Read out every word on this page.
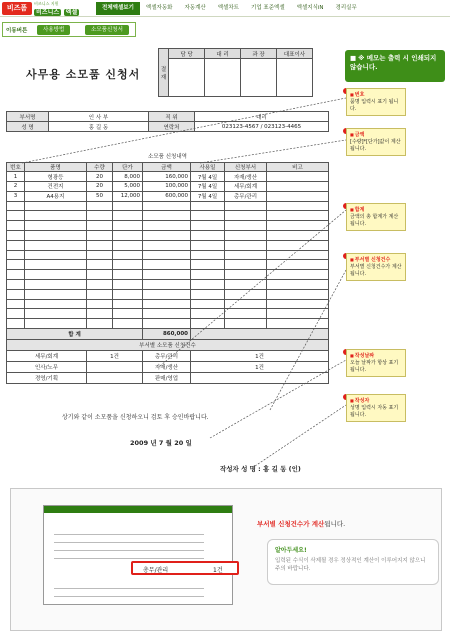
비즈폼
비즈니스 지원
비즈니스 엑셀
전체엑셀보기	엑셀자동화	자동계산	엑셀차트	기업 표준엑셀	엑셀지식iN	경리실무
이동버튼	사용방법	소모품신청서
사무용 소모품 신청서	결재	담 당	대 리	과 장	대표이사

부서명	인 사 부	직 위	대리
성 명	홍 길 동	연락처	023123-4567 / 023123-4465
소모품 신청내역							
번호	품명	수량	단가	금액	사용일	신청부서	비고
1	형광등	20	8,000	160,000	7월 4일	자재/생산	
2	건전지	20	5,000	100,000	7월 4일	세무/회계	
3	A4용지	50	12,000	600,000	7월 4일	총무/관리	

합 계				860,000			
부서별 소모품 신청건수							
세무/회계		1건		총무/관리	1건		
인사/노무				자재/생산	1건		
경영/기획				판매/영업			
상기와 같이 소모품을 신청하오니 검토 후 승인바랍니다.
2009 년 7 월 20 일
작성자 성 명 : 홍 길 동 (인)
■ ※ 메모는 출력 시 인쇄되지 않습니다.
■ 번호
품명 입력시 표기 됩니다.
■ 금액
[수량]*[단가]값이 계산됩니다.
■ 합계
금액의 총 합계가 계산됩니다.
■ 부서별 신청건수
부서별 신청건수가 계산됩니다.
■ 작성날짜
오늘 날짜가 항상 표기됩니다.
■ 작성자
성명 입력시 자동 표기됩니다.
총무/관리	1건
부서별 신청건수가 계산됩니다.
알아두세요!
입력된 수식이 삭제될 경우 정상적인 계산이 이루어지지 않으니 주의 바랍니다.
